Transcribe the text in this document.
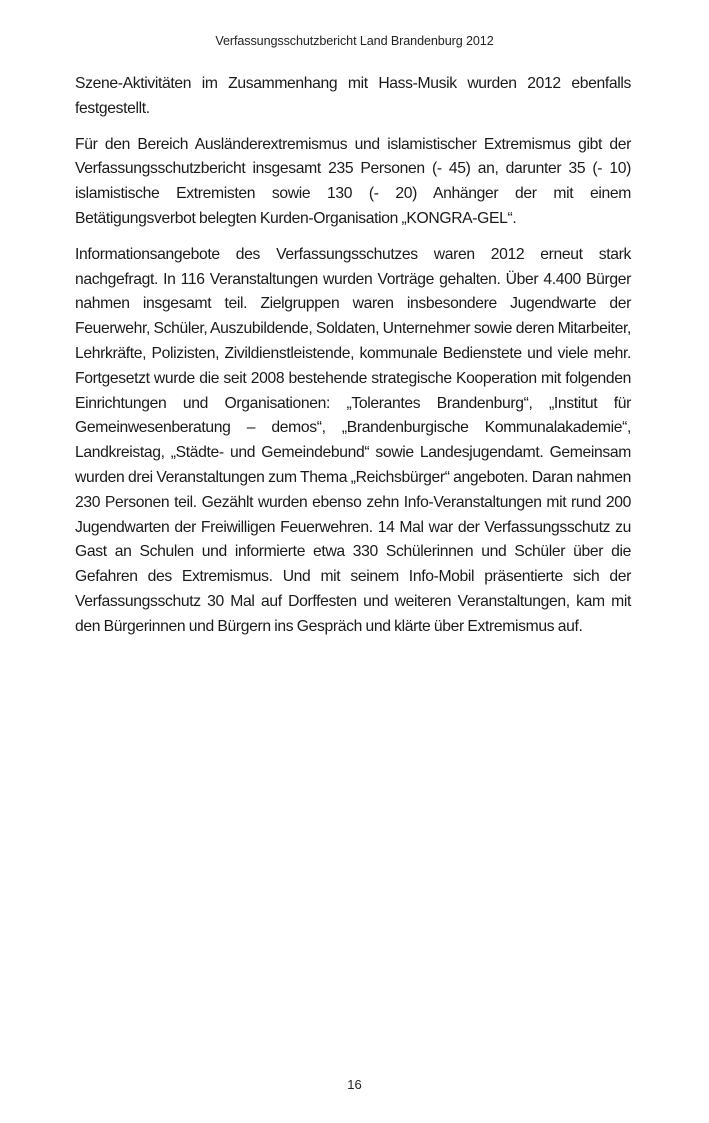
Verfassungsschutzbericht Land Brandenburg 2012

Szene-Aktivitäten im Zusammenhang mit Hass-Musik wurden 2012 ebenfalls festgestellt.

Für den Bereich Ausländerextremismus und islamistischer Extremismus gibt der Verfassungsschutzbericht insgesamt 235 Personen (- 45) an, darunter 35 (- 10) islamistische Extremisten sowie 130 (- 20) Anhänger der mit einem Betätigungsverbot belegten Kurden-Organisation „KONGRA-GEL“.

Informationsangebote des Verfassungsschutzes waren 2012 erneut stark nachgefragt. In 116 Veranstaltungen wurden Vorträge gehalten. Über 4.400 Bürger nahmen insgesamt teil. Zielgruppen waren insbesondere Jugendwarte der Feuerwehr, Schüler, Auszubildende, Soldaten, Unternehmer sowie deren Mitarbeiter, Lehrkräfte, Polizisten, Zivildienstleistende, kommunale Bedienstete und viele mehr. Fortgesetzt wurde die seit 2008 bestehende strategische Kooperation mit folgenden Einrichtungen und Organisationen: „Tolerantes Brandenburg“, „Institut für Gemeinwesenberatung – demos“, „Brandenburgische Kommunalakademie“, Landkreistag, „Städte- und Gemeindebund“ sowie Landesjugendamt. Gemeinsam wurden drei Veranstaltungen zum Thema „Reichsbürger“ angeboten. Daran nahmen 230 Personen teil. Gezählt wurden ebenso zehn Info-Veranstaltungen mit rund 200 Jugendwarten der Freiwilligen Feuerwehren. 14 Mal war der Verfassungsschutz zu Gast an Schulen und informierte etwa 330 Schülerinnen und Schüler über die Gefahren des Extremismus. Und mit seinem Info-Mobil präsentierte sich der Verfassungsschutz 30 Mal auf Dorffesten und weiteren Veranstaltungen, kam mit den Bürgerinnen und Bürgern ins Gespräch und klärte über Extremismus auf.

16
